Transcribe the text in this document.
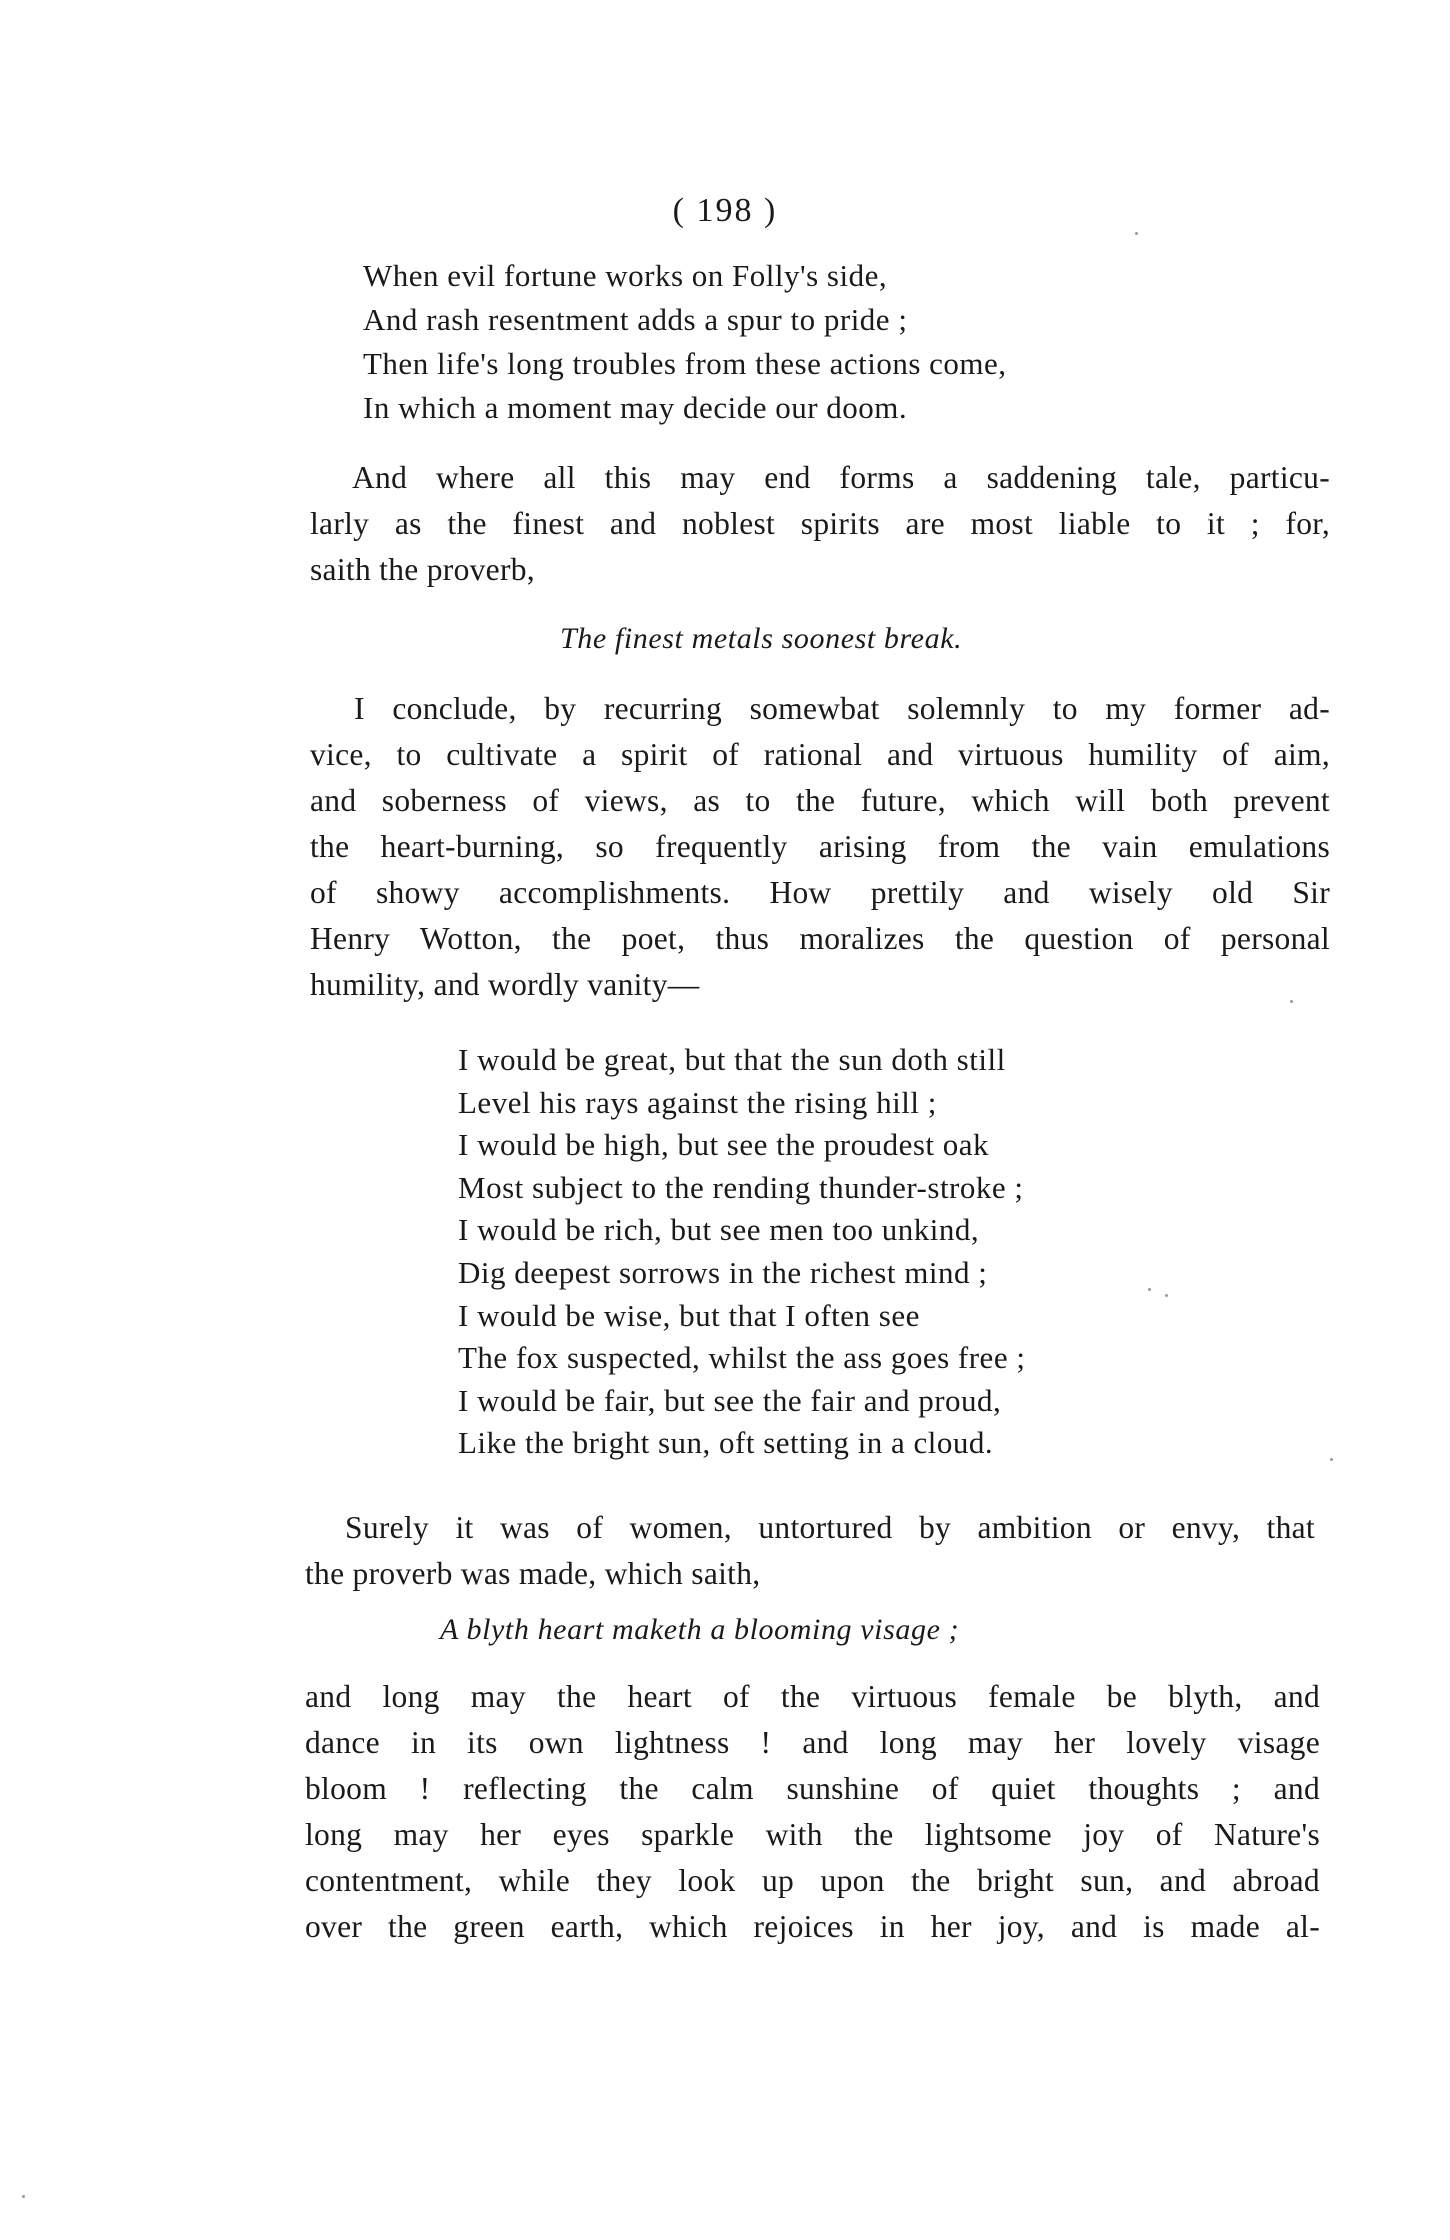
( 198 )
When evil fortune works on Folly's side,
And rash resentment adds a spur to pride ;
Then life's long troubles from these actions come,
In which a moment may decide our doom.
And where all this may end forms a saddening tale, particu-
larly as the finest and noblest spirits are most liable to it ; for,
saith the proverb,
The finest metals soonest break.
I conclude, by recurring somewbat solemnly to my former ad-
vice, to cultivate a spirit of rational and virtuous humility of aim,
and soberness of views, as to the future, which will both prevent
the heart-burning, so frequently arising from the vain emulations
of showy accomplishments. How prettily and wisely old Sir
Henry Wotton, the poet, thus moralizes the question of personal
humility, and wordly vanity—
I would be great, but that the sun doth still
Level his rays against the rising hill ;
I would be high, but see the proudest oak
Most subject to the rending thunder-stroke ;
I would be rich, but see men too unkind,
Dig deepest sorrows in the richest mind ;
I would be wise, but that I often see
The fox suspected, whilst the ass goes free ;
I would be fair, but see the fair and proud,
Like the bright sun, oft setting in a cloud.
Surely it was of women, untortured by ambition or envy, that
the proverb was made, which saith,
A blyth heart maketh a blooming visage ;
and long may the heart of the virtuous female be blyth, and
dance in its own lightness ! and long may her lovely visage
bloom ! reflecting the calm sunshine of quiet thoughts ; and
long may her eyes sparkle with the lightsome joy of Nature's
contentment, while they look up upon the bright sun, and abroad
over the green earth, which rejoices in her joy, and is made al-
